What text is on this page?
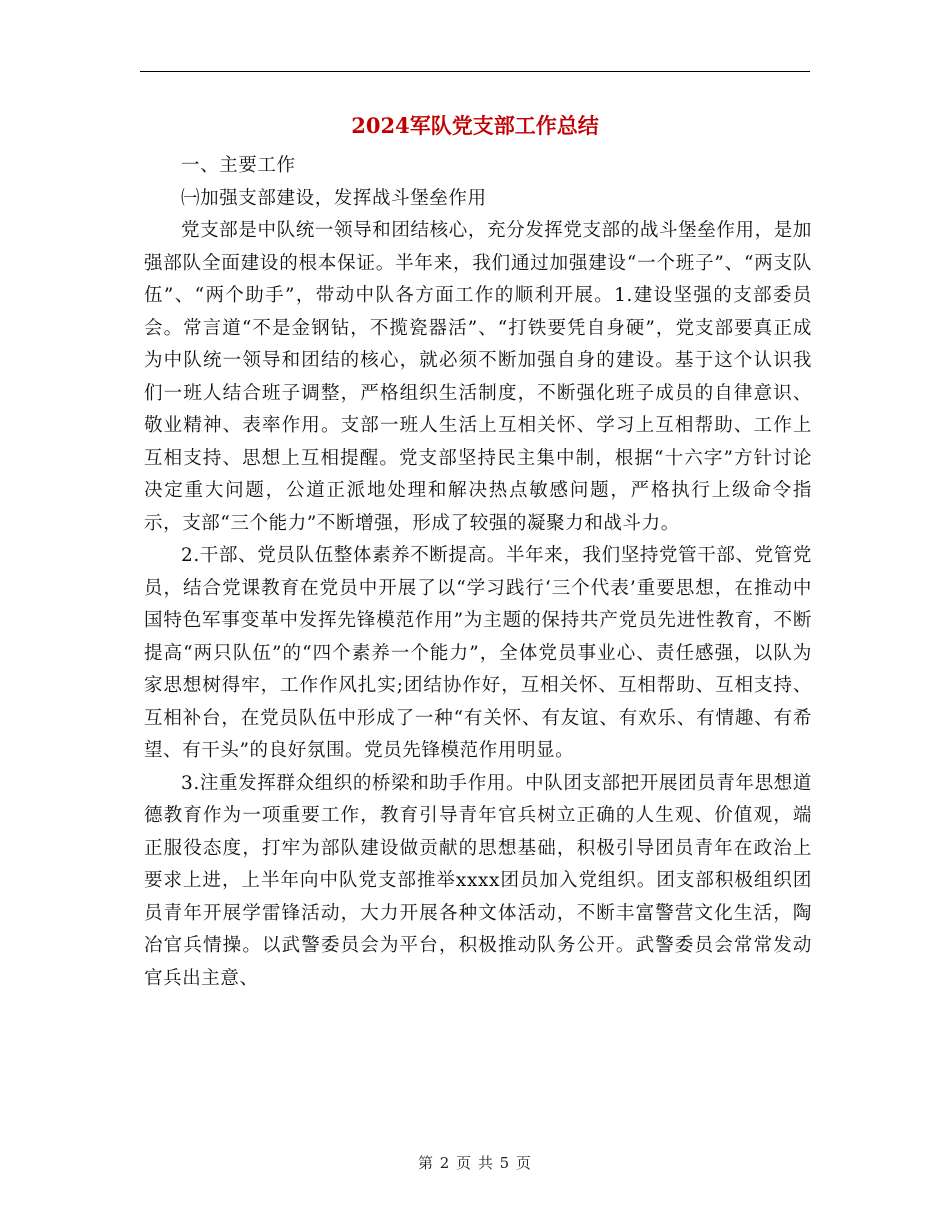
2024军队党支部工作总结

一、主要工作

㈠加强支部建设，发挥战斗堡垒作用

党支部是中队统一领导和团结核心，充分发挥党支部的战斗堡垒作用，是加强部队全面建设的根本保证。半年来，我们通过加强建设“一个班子”、“两支队伍”、“两个助手”，带动中队各方面工作的顺利开展。1.建设坚强的支部委员会。常言道“不是金钢钻，不揽瓷器活”、“打铁要凭自身硬”，党支部要真正成为中队统一领导和团结的核心，就必须不断加强自身的建设。基于这个认识我们一班人结合班子调整，严格组织生活制度，不断强化班子成员的自律意识、敬业精神、表率作用。支部一班人生活上互相关怀、学习上互相帮助、工作上互相支持、思想上互相提醒。党支部坚持民主集中制，根据“十六字”方针讨论决定重大问题，公道正派地处理和解决热点敏感问题，严格执行上级命令指示，支部“三个能力”不断增强，形成了较强的凝聚力和战斗力。

2.干部、党员队伍整体素养不断提高。半年来，我们坚持党管干部、党管党员，结合党课教育在党员中开展了以“学习践行‘三个代表’重要思想，在推动中国特色军事变革中发挥先锋模范作用”为主题的保持共产党员先进性教育，不断提高“两只队伍”的“四个素养一个能力”，全体党员事业心、责任感强，以队为家思想树得牢，工作作风扎实;团结协作好，互相关怀、互相帮助、互相支持、互相补台，在党员队伍中形成了一种“有关怀、有友谊、有欢乐、有情趣、有希望、有干头”的良好氛围。党员先锋模范作用明显。

3.注重发挥群众组织的桥梁和助手作用。中队团支部把开展团员青年思想道德教育作为一项重要工作，教育引导青年官兵树立正确的人生观、价值观，端正服役态度，打牢为部队建设做贡献的思想基础，积极引导团员青年在政治上要求上进，上半年向中队党支部推举xxxx团员加入党组织。团支部积极组织团员青年开展学雷锋活动，大力开展各种文体活动，不断丰富警营文化生活，陶冶官兵情操。以武警委员会为平台，积极推动队务公开。武警委员会常常发动官兵出主意、

第 2 页 共 5 页
